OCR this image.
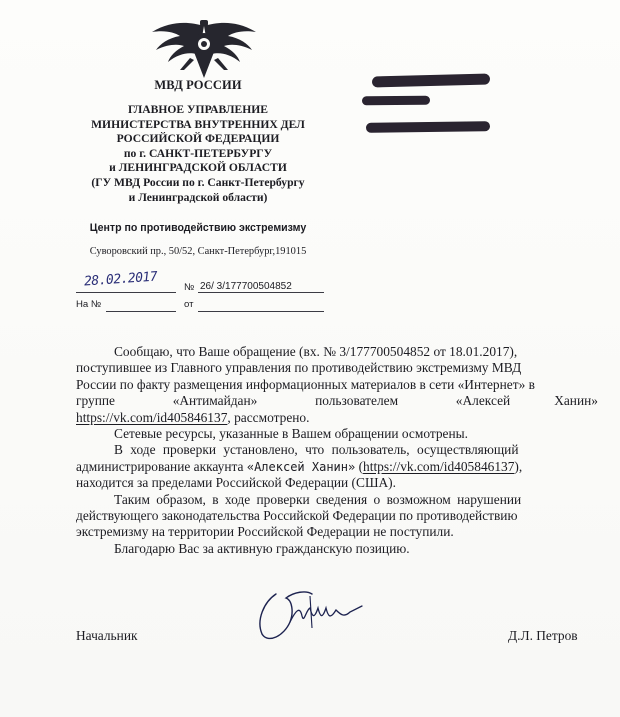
МВД РОССИИ
ГЛАВНОЕ УПРАВЛЕНИЕ
МИНИСТЕРСТВА ВНУТРЕННИХ ДЕЛ
РОССИЙСКОЙ ФЕДЕРАЦИИ
по г. САНКТ-ПЕТЕРБУРГУ
и ЛЕНИНГРАДСКОЙ ОБЛАСТИ
(ГУ МВД России по г. Санкт-Петербургу
и Ленинградской области)
Центр по противодействию экстремизму
Суворовский пр., 50/52, Санкт-Петербург,191015
28.02.2017	№ 26/ 3/177700504852
На №	от

Сообщаю, что Ваше обращение (вх. № 3/177700504852 от 18.01.2017),
поступившее из Главного управления по противодействию экстремизму МВД
России по факту размещения информационных материалов в сети «Интернет» в
группе	«Антимайдан»	пользователем	«Алексей	Ханин»
https://vk.com/id405846137, рассмотрено.

Сетевые ресурсы, указанные в Вашем обращении осмотрены.

В ходе проверки установлено, что пользователь, осуществляющий
администрирование аккаунта «Алексей Ханин» (https://vk.com/id405846137),
находится за пределами Российской Федерации (США).

Таким образом, в ходе проверки сведения о возможном нарушении
действующего законодательства Российской Федерации по противодействию
экстремизму на территории Российской Федерации не поступили.

Благодарю Вас за активную гражданскую позицию.

Начальник	Д.Л. Петров
